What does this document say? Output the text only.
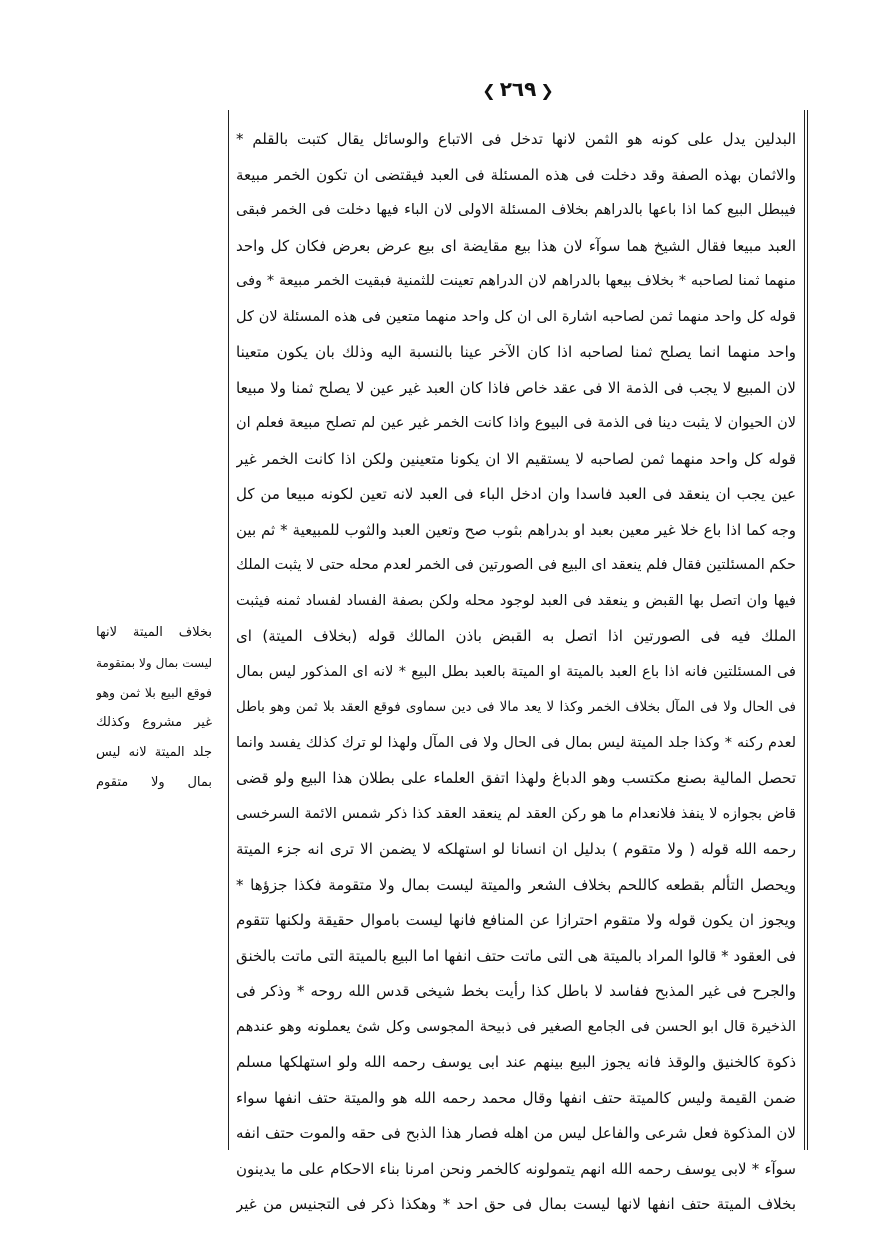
❮ ٢٦٩ ❯
البدلين يدل على كونه هو الثمن لانها تدخل فى الاتباع والوسائل يقال كتبت بالقلم *
والاثمان بهذه الصفة وقد دخلت فى هذه المسئلة فى العبد فيقتضى ان تكون الخمر مبيعة
فيبطل البيع كما اذا باعها بالدراهم بخلاف المسئلة الاولى لان الباء فيها دخلت فى الخمر فبقى
العبد مبيعا فقال الشيخ هما سوآء لان هذا بيع مقايضة اى بيع عرض بعرض فكان كل واحد
منهما ثمنا لصاحبه * بخلاف بيعها بالدراهم لان الدراهم تعينت للثمنية فبقيت الخمر مبيعة * وفى
قوله كل واحد منهما ثمن لصاحبه اشارة الى ان كل واحد منهما متعين فى هذه المسئلة لان كل
واحد منهما انما يصلح ثمنا لصاحبه اذا كان الآخر عينا بالنسبة اليه وذلك بان يكون متعينا
لان المبيع لا يجب فى الذمة الا فى عقد خاص فاذا كان العبد غير عين لا يصلح ثمنا ولا مبيعا
لان الحيوان لا يثبت دينا فى الذمة فى البيوع واذا كانت الخمر غير عين لم تصلح مبيعة فعلم ان
قوله كل واحد منهما ثمن لصاحبه لا يستقيم الا ان يكونا متعينين ولكن اذا كانت الخمر غير
عين يجب ان ينعقد فى العبد فاسدا وان ادخل الباء فى العبد لانه تعين لكونه مبيعا من كل
وجه كما اذا باع خلا غير معين بعبد او بدراهم بثوب صح وتعين العبد والثوب للمبيعية * ثم بين
حكم المسئلتين فقال فلم ينعقد اى البيع فى الصورتين فى الخمر لعدم محله حتى لا يثبت الملك
فيها وان اتصل بها القبض و ينعقد فى العبد لوجود محله ولكن بصفة الفساد لفساد ثمنه فيثبت
الملك فيه فى الصورتين اذا اتصل به القبض باذن المالك قوله (بخلاف الميتة) اى
فى المسئلتين فانه اذا باع العبد بالميتة او الميتة بالعبد بطل البيع * لانه اى المذكور ليس بمال
فى الحال ولا فى المآل بخلاف الخمر وكذا لا يعد مالا فى دين سماوى فوقع العقد بلا ثمن وهو باطل
لعدم ركنه * وكذا جلد الميتة ليس بمال فى الحال ولا فى المآل ولهذا لو ترك كذلك يفسد وانما
تحصل المالية بصنع مكتسب وهو الدباغ ولهذا اتفق العلماء على بطلان هذا البيع ولو قضى
قاض بجوازه لا ينفذ فلانعدام ما هو ركن العقد لم ينعقد العقد كذا ذكر شمس الائمة السرخسى
رحمه الله قوله ( ولا متقوم ) بدليل ان انسانا لو استهلكه لا يضمن الا ترى انه جزء الميتة
ويحصل التألم بقطعه كاللحم بخلاف الشعر والميتة ليست بمال ولا متقومة فكذا جزؤها *
ويجوز ان يكون قوله ولا متقوم احترازا عن المنافع فانها ليست باموال حقيقة ولكنها تتقوم
فى العقود * قالوا المراد بالميتة هى التى ماتت حتف انفها اما البيع بالميتة التى ماتت بالخنق
والجرح فى غير المذبح ففاسد لا باطل كذا رأيت بخط شيخى قدس الله روحه * وذكر فى
الذخيرة قال ابو الحسن فى الجامع الصغير فى ذبيحة المجوسى وكل شئ يعملونه وهو عندهم
ذكوة كالخنيق والوقذ فانه يجوز البيع بينهم عند ابى يوسف رحمه الله ولو استهلكها مسلم
ضمن القيمة وليس كالميتة حتف انفها وقال محمد رحمه الله هو والميتة حتف انفها سواء
لان المذكوة فعل شرعى والفاعل ليس من اهله فصار هذا الذبح فى حقه والموت حتف انفه
سوآء * لابى يوسف رحمه الله انهم يتمولونه كالخمر ونحن امرنا بناء الاحكام على ما يدينون
بخلاف الميتة حتف انفها لانها ليست بمال فى حق احد * وهكذا ذكر فى التجنيس من غير
بخلاف الميتة لانها
ليست بمال ولا بمتقومة
فوقع البيع بلا ثمن وهو
غير مشروع وكذلك
جلد الميتة لانه ليس
بمال ولا متقوم
